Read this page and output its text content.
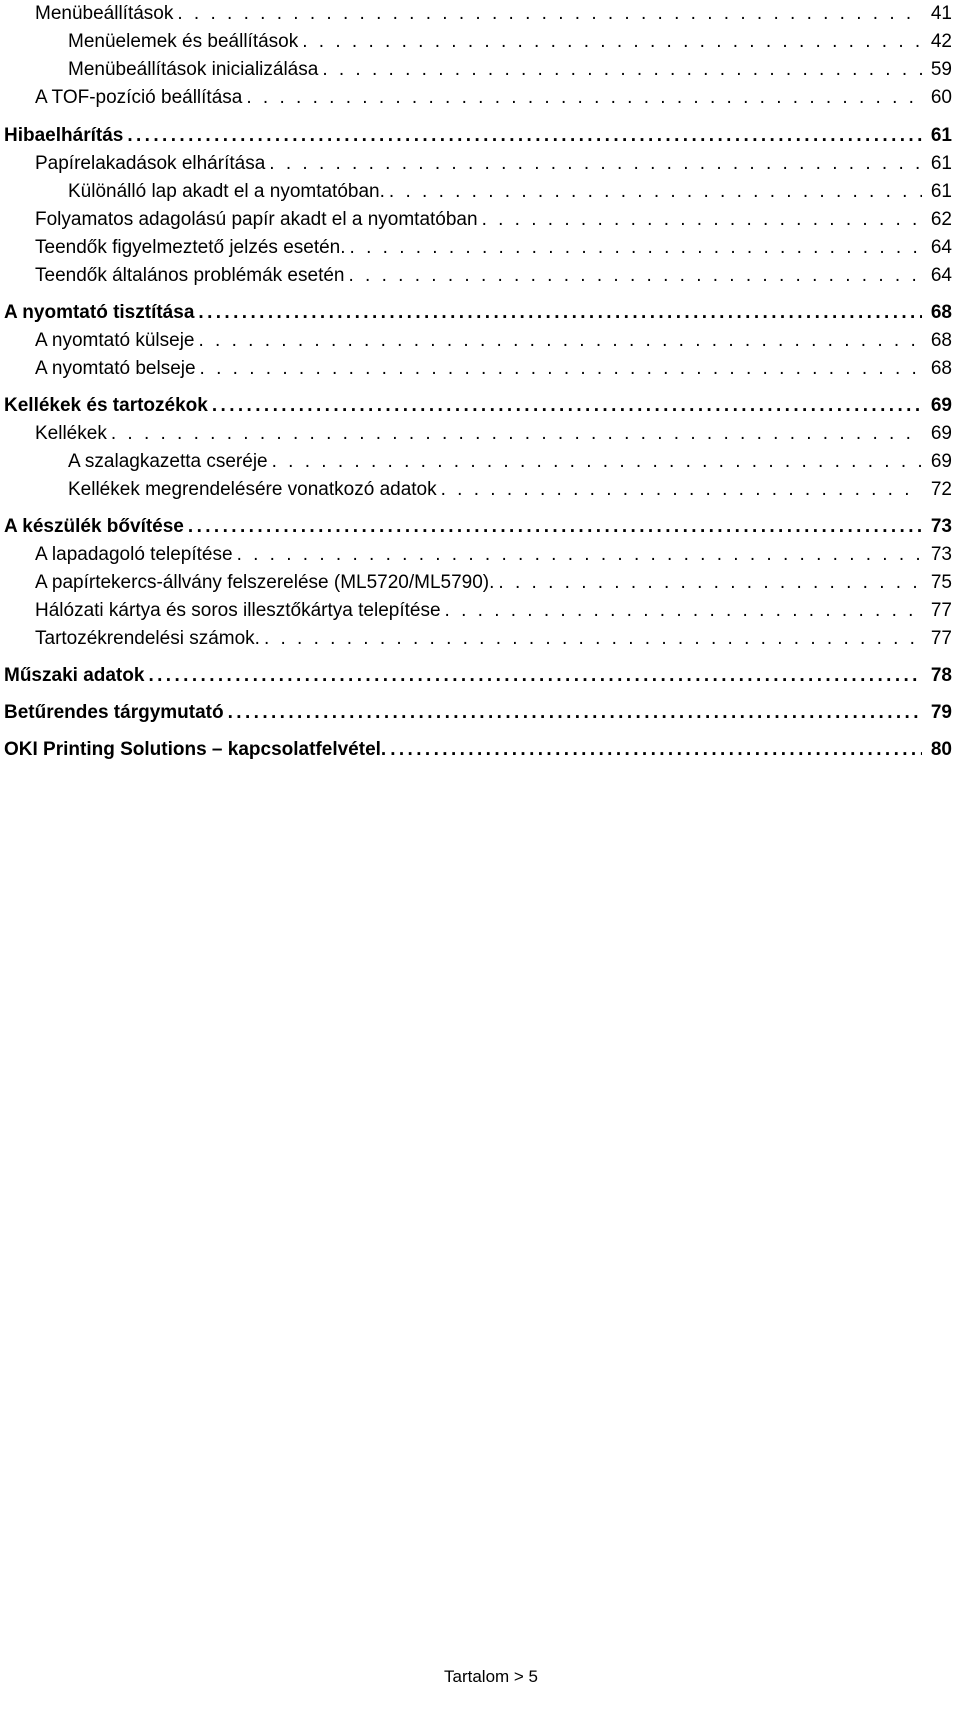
Menübeállítások . . .	41
Menüelemek és beállítások . . .	42
Menübeállítások inicializálása . . .	59
A TOF-pozíció beállítása . . .	60
Hibaelhárítás .....	61
Papírelakadások elhárítása . . .	61
Különálló lap akadt el a nyomtatóban. . . .	61
Folyamatos adagolású papír akadt el a nyomtatóban . . .	62
Teendők figyelmeztető jelzés esetén. . . .	64
Teendők általános problémák esetén . . .	64
A nyomtató tisztítása .....	68
A nyomtató külseje . . .	68
A nyomtató belseje . . .	68
Kellékek és tartozékok .....	69
Kellékek . . .	69
A szalagkazetta cseréje . . .	69
Kellékek megrendelésére vonatkozó adatok . . .	72
A készülék bővítése .....	73
A lapadagoló telepítése . . .	73
A papírtekercs-állvány felszerelése (ML5720/ML5790). . . .	75
Hálózati kártya és soros illesztőkártya telepítése . . .	77
Tartozékrendelési számok. . . .	77
Műszaki adatok .....	78
Betűrendes tárgymutató .....	79
OKI Printing Solutions – kapcsolatfelvétel. .....	80
Tartalom > 5
